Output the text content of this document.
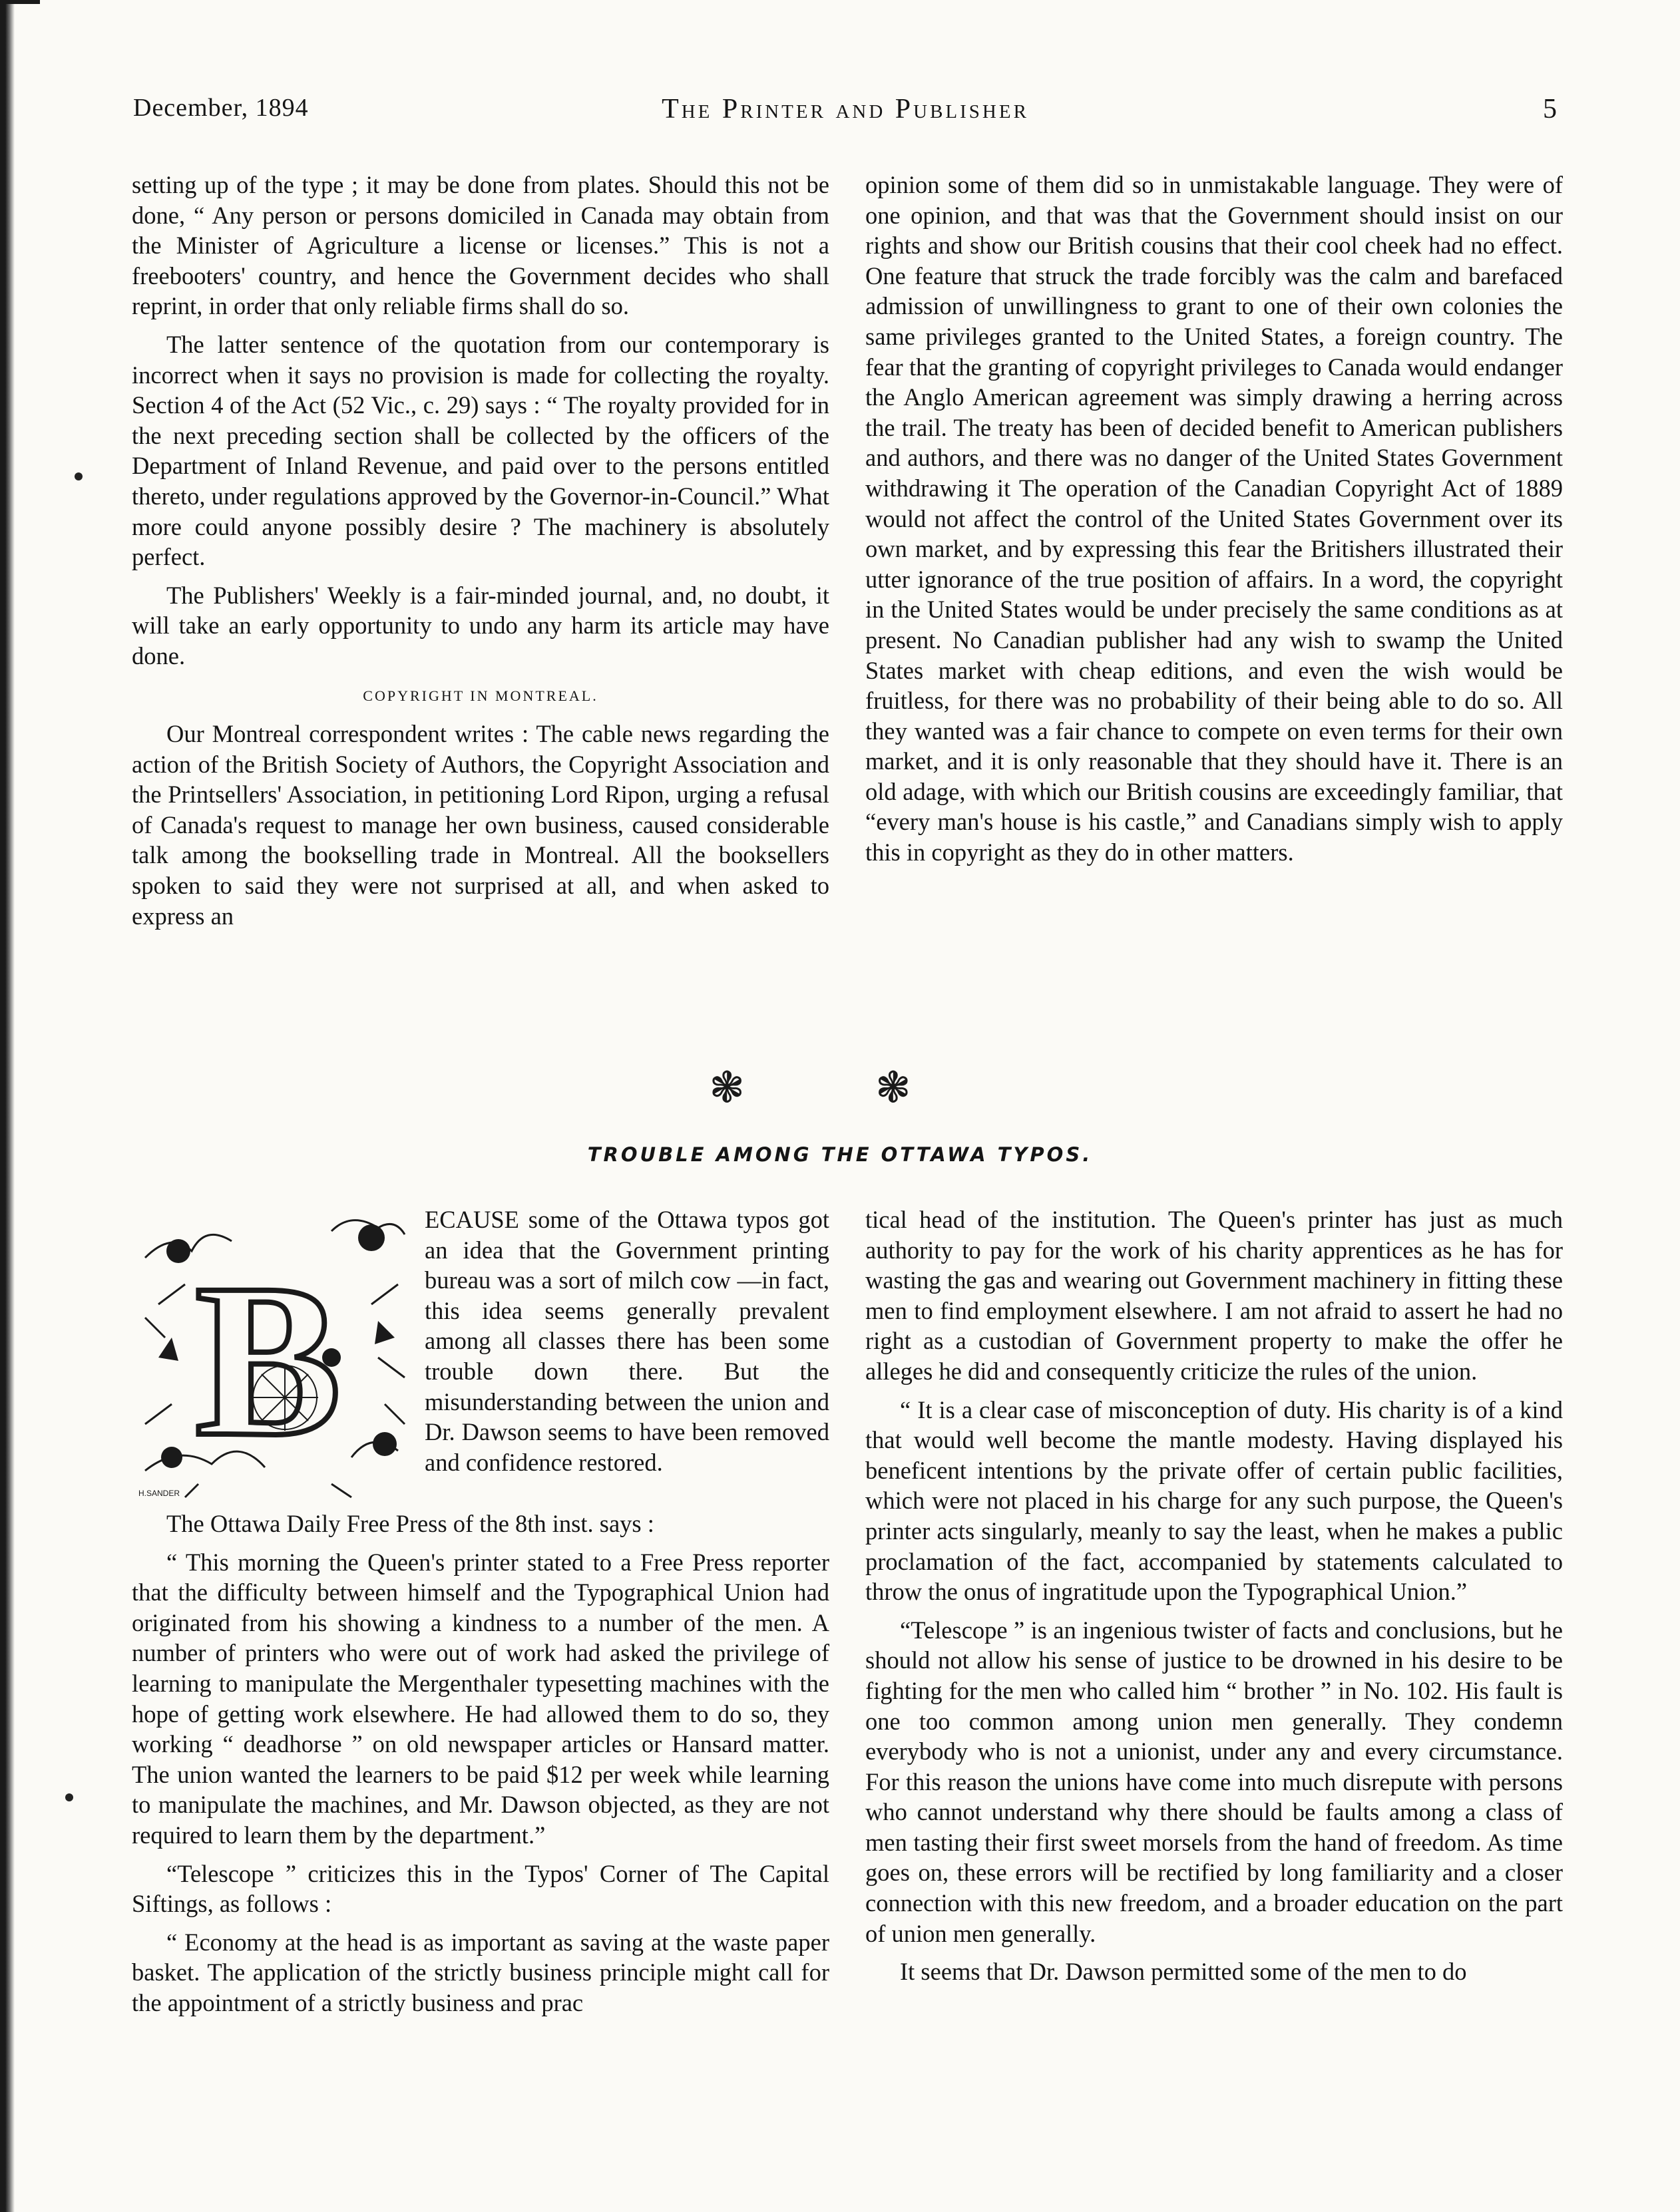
December, 1894	The Printer and Publisher	5

setting up of the type ; it may be done from plates. Should this not be done, “ Any person or persons domiciled in Canada may obtain from the Minister of Agriculture a license or licenses.” This is not a freebooters' country, and hence the Government decides who shall reprint, in order that only reliable firms shall do so.

The latter sentence of the quotation from our contemporary is incorrect when it says no provision is made for collecting the royalty. Section 4 of the Act (52 Vic., c. 29) says : “ The royalty provided for in the next preceding section shall be collected by the officers of the Department of Inland Revenue, and paid over to the persons entitled thereto, under regulations approved by the Governor-in-Council.” What more could anyone possibly desire ? The machinery is absolutely perfect.

The Publishers' Weekly is a fair-minded journal, and, no doubt, it will take an early opportunity to undo any harm its article may have done.

COPYRIGHT IN MONTREAL.

Our Montreal correspondent writes : The cable news regarding the action of the British Society of Authors, the Copyright Association and the Printsellers' Association, in petitioning Lord Ripon, urging a refusal of Canada's request to manage her own business, caused considerable talk among the bookselling trade in Montreal. All the booksellers spoken to said they were not surprised at all, and when asked to express an

opinion some of them did so in unmistakable language. They were of one opinion, and that was that the Government should insist on our rights and show our British cousins that their cool cheek had no effect. One feature that struck the trade forcibly was the calm and barefaced admission of unwillingness to grant to one of their own colonies the same privileges granted to the United States, a foreign country. The fear that the granting of copyright privileges to Canada would endanger the Anglo American agreement was simply drawing a herring across the trail. The treaty has been of decided benefit to American publishers and authors, and there was no danger of the United States Government withdrawing it The operation of the Canadian Copyright Act of 1889 would not affect the control of the United States Government over its own market, and by expressing this fear the Britishers illustrated their utter ignorance of the true position of affairs. In a word, the copyright in the United States would be under precisely the same conditions as at present. No Canadian publisher had any wish to swamp the United States market with cheap editions, and even the wish would be fruitless, for there was no probability of their being able to do so. All they wanted was a fair chance to compete on even terms for their own market, and it is only reasonable that they should have it. There is an old adage, with which our British cousins are exceedingly familiar, that “every man's house is his castle,” and Canadians simply wish to apply this in copyright as they do in other matters.

❃ ❃
TROUBLE AMONG THE OTTAWA TYPOS.
B
H.SANDER

ECAUSE some of the Ottawa typos got an idea that the Government printing bureau was a sort of milch cow —in fact, this idea seems generally prevalent among all classes there has been some trouble down there. But the misunderstanding between the union and Dr. Dawson seems to have been removed and confidence restored.

The Ottawa Daily Free Press of the 8th inst. says :

“ This morning the Queen's printer stated to a Free Press reporter that the difficulty between himself and the Typographical Union had originated from his showing a kindness to a number of the men. A number of printers who were out of work had asked the privilege of learning to manipulate the Mergenthaler typesetting machines with the hope of getting work elsewhere. He had allowed them to do so, they working “ deadhorse ” on old newspaper articles or Hansard matter. The union wanted the learners to be paid $12 per week while learning to manipulate the machines, and Mr. Dawson objected, as they are not required to learn them by the department.”

“Telescope ” criticizes this in the Typos' Corner of The Capital Siftings, as follows :

“ Economy at the head is as important as saving at the waste paper basket. The application of the strictly business principle might call for the appointment of a strictly business and prac

tical head of the institution. The Queen's printer has just as much authority to pay for the work of his charity apprentices as he has for wasting the gas and wearing out Government machinery in fitting these men to find employment elsewhere. I am not afraid to assert he had no right as a custodian of Government property to make the offer he alleges he did and consequently criticize the rules of the union.

“ It is a clear case of misconception of duty. His charity is of a kind that would well become the mantle modesty. Having displayed his beneficent intentions by the private offer of certain public facilities, which were not placed in his charge for any such purpose, the Queen's printer acts singularly, meanly to say the least, when he makes a public proclamation of the fact, accompanied by statements calculated to throw the onus of ingratitude upon the Typographical Union.”

“Telescope ” is an ingenious twister of facts and conclusions, but he should not allow his sense of justice to be drowned in his desire to be fighting for the men who called him “ brother ” in No. 102. His fault is one too common among union men generally. They condemn everybody who is not a unionist, under any and every circumstance. For this reason the unions have come into much disrepute with persons who cannot understand why there should be faults among a class of men tasting their first sweet morsels from the hand of freedom. As time goes on, these errors will be rectified by long familiarity and a closer connection with this new freedom, and a broader education on the part of union men generally.

It seems that Dr. Dawson permitted some of the men to do
